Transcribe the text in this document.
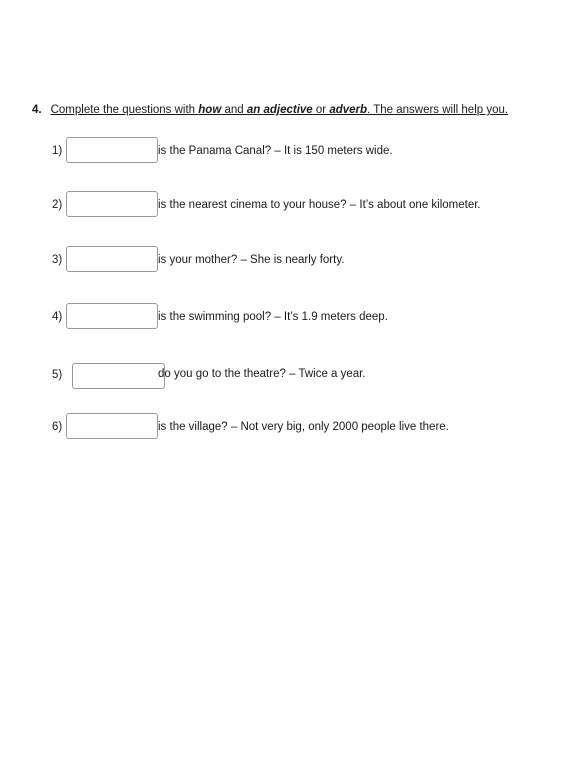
4. Complete the questions with how and an adjective or adverb. The answers will help you.
1)	is the Panama Canal? – It is 150 meters wide.
2)	is the nearest cinema to your house? – It’s about one kilometer.
3)	is your mother? – She is nearly forty.
4)	is the swimming pool? – It’s 1.9 meters deep.
5)	do you go to the theatre? – Twice a year.
6)	is the village? – Not very big, only 2000 people live there.
